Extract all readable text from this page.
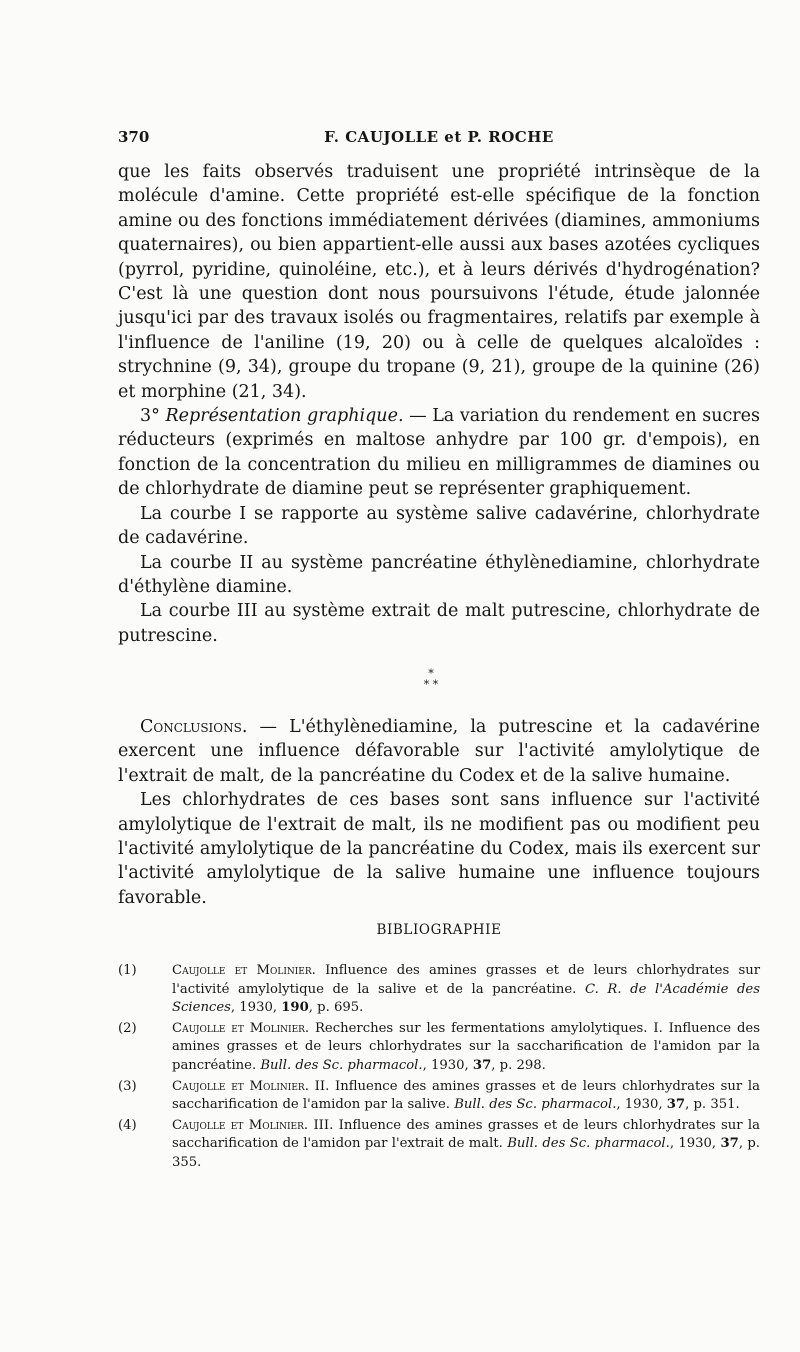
370	F. CAUJOLLE et P. ROCHE

que les faits observés traduisent une propriété intrinsèque de la molécule d'amine. Cette propriété est-elle spécifique de la fonction amine ou des fonctions immédiatement dérivées (diamines, ammoniums quaternaires), ou bien appartient-elle aussi aux bases azotées cycliques (pyrrol, pyridine, quinoléine, etc.), et à leurs dérivés d'hydrogénation? C'est là une question dont nous poursuivons l'étude, étude jalonnée jusqu'ici par des travaux isolés ou fragmentaires, relatifs par exemple à l'influence de l'aniline (19, 20) ou à celle de quelques alcaloïdes : strychnine (9, 34), groupe du tropane (9, 21), groupe de la quinine (26) et morphine (21, 34).

3° Représentation graphique. — La variation du rendement en sucres réducteurs (exprimés en maltose anhydre par 100 gr. d'empois), en fonction de la concentration du milieu en milligrammes de diamines ou de chlorhydrate de diamine peut se représenter graphiquement.

La courbe I se rapporte au système salive cadavérine, chlorhydrate de cadavérine.

La courbe II au système pancréatine éthylènediamine, chlorhydrate d'éthylène diamine.

La courbe III au système extrait de malt putrescine, chlorhydrate de putrescine.

*
* *

Conclusions. — L'éthylènediamine, la putrescine et la cadavérine exercent une influence défavorable sur l'activité amylolytique de l'extrait de malt, de la pancréatine du Codex et de la salive humaine.

Les chlorhydrates de ces bases sont sans influence sur l'activité amylolytique de l'extrait de malt, ils ne modifient pas ou modifient peu l'activité amylolytique de la pancréatine du Codex, mais ils exercent sur l'activité amylolytique de la salive humaine une influence toujours favorable.

BIBLIOGRAPHIE
(1)	Caujolle et Molinier. Influence des amines grasses et de leurs chlorhydrates sur l'activité amylolytique de la salive et de la pancréatine. C. R. de l'Académie des Sciences, 1930, 190, p. 695.
(2)	Caujolle et Molinier. Recherches sur les fermentations amylolytiques. I. Influence des amines grasses et de leurs chlorhydrates sur la saccharification de l'amidon par la pancréatine. Bull. des Sc. pharmacol., 1930, 37, p. 298.
(3)	Caujolle et Molinier. II. Influence des amines grasses et de leurs chlorhydrates sur la saccharification de l'amidon par la salive. Bull. des Sc. pharmacol., 1930, 37, p. 351.
(4)	Caujolle et Molinier. III. Influence des amines grasses et de leurs chlorhydrates sur la saccharification de l'amidon par l'extrait de malt. Bull. des Sc. pharmacol., 1930, 37, p. 355.
